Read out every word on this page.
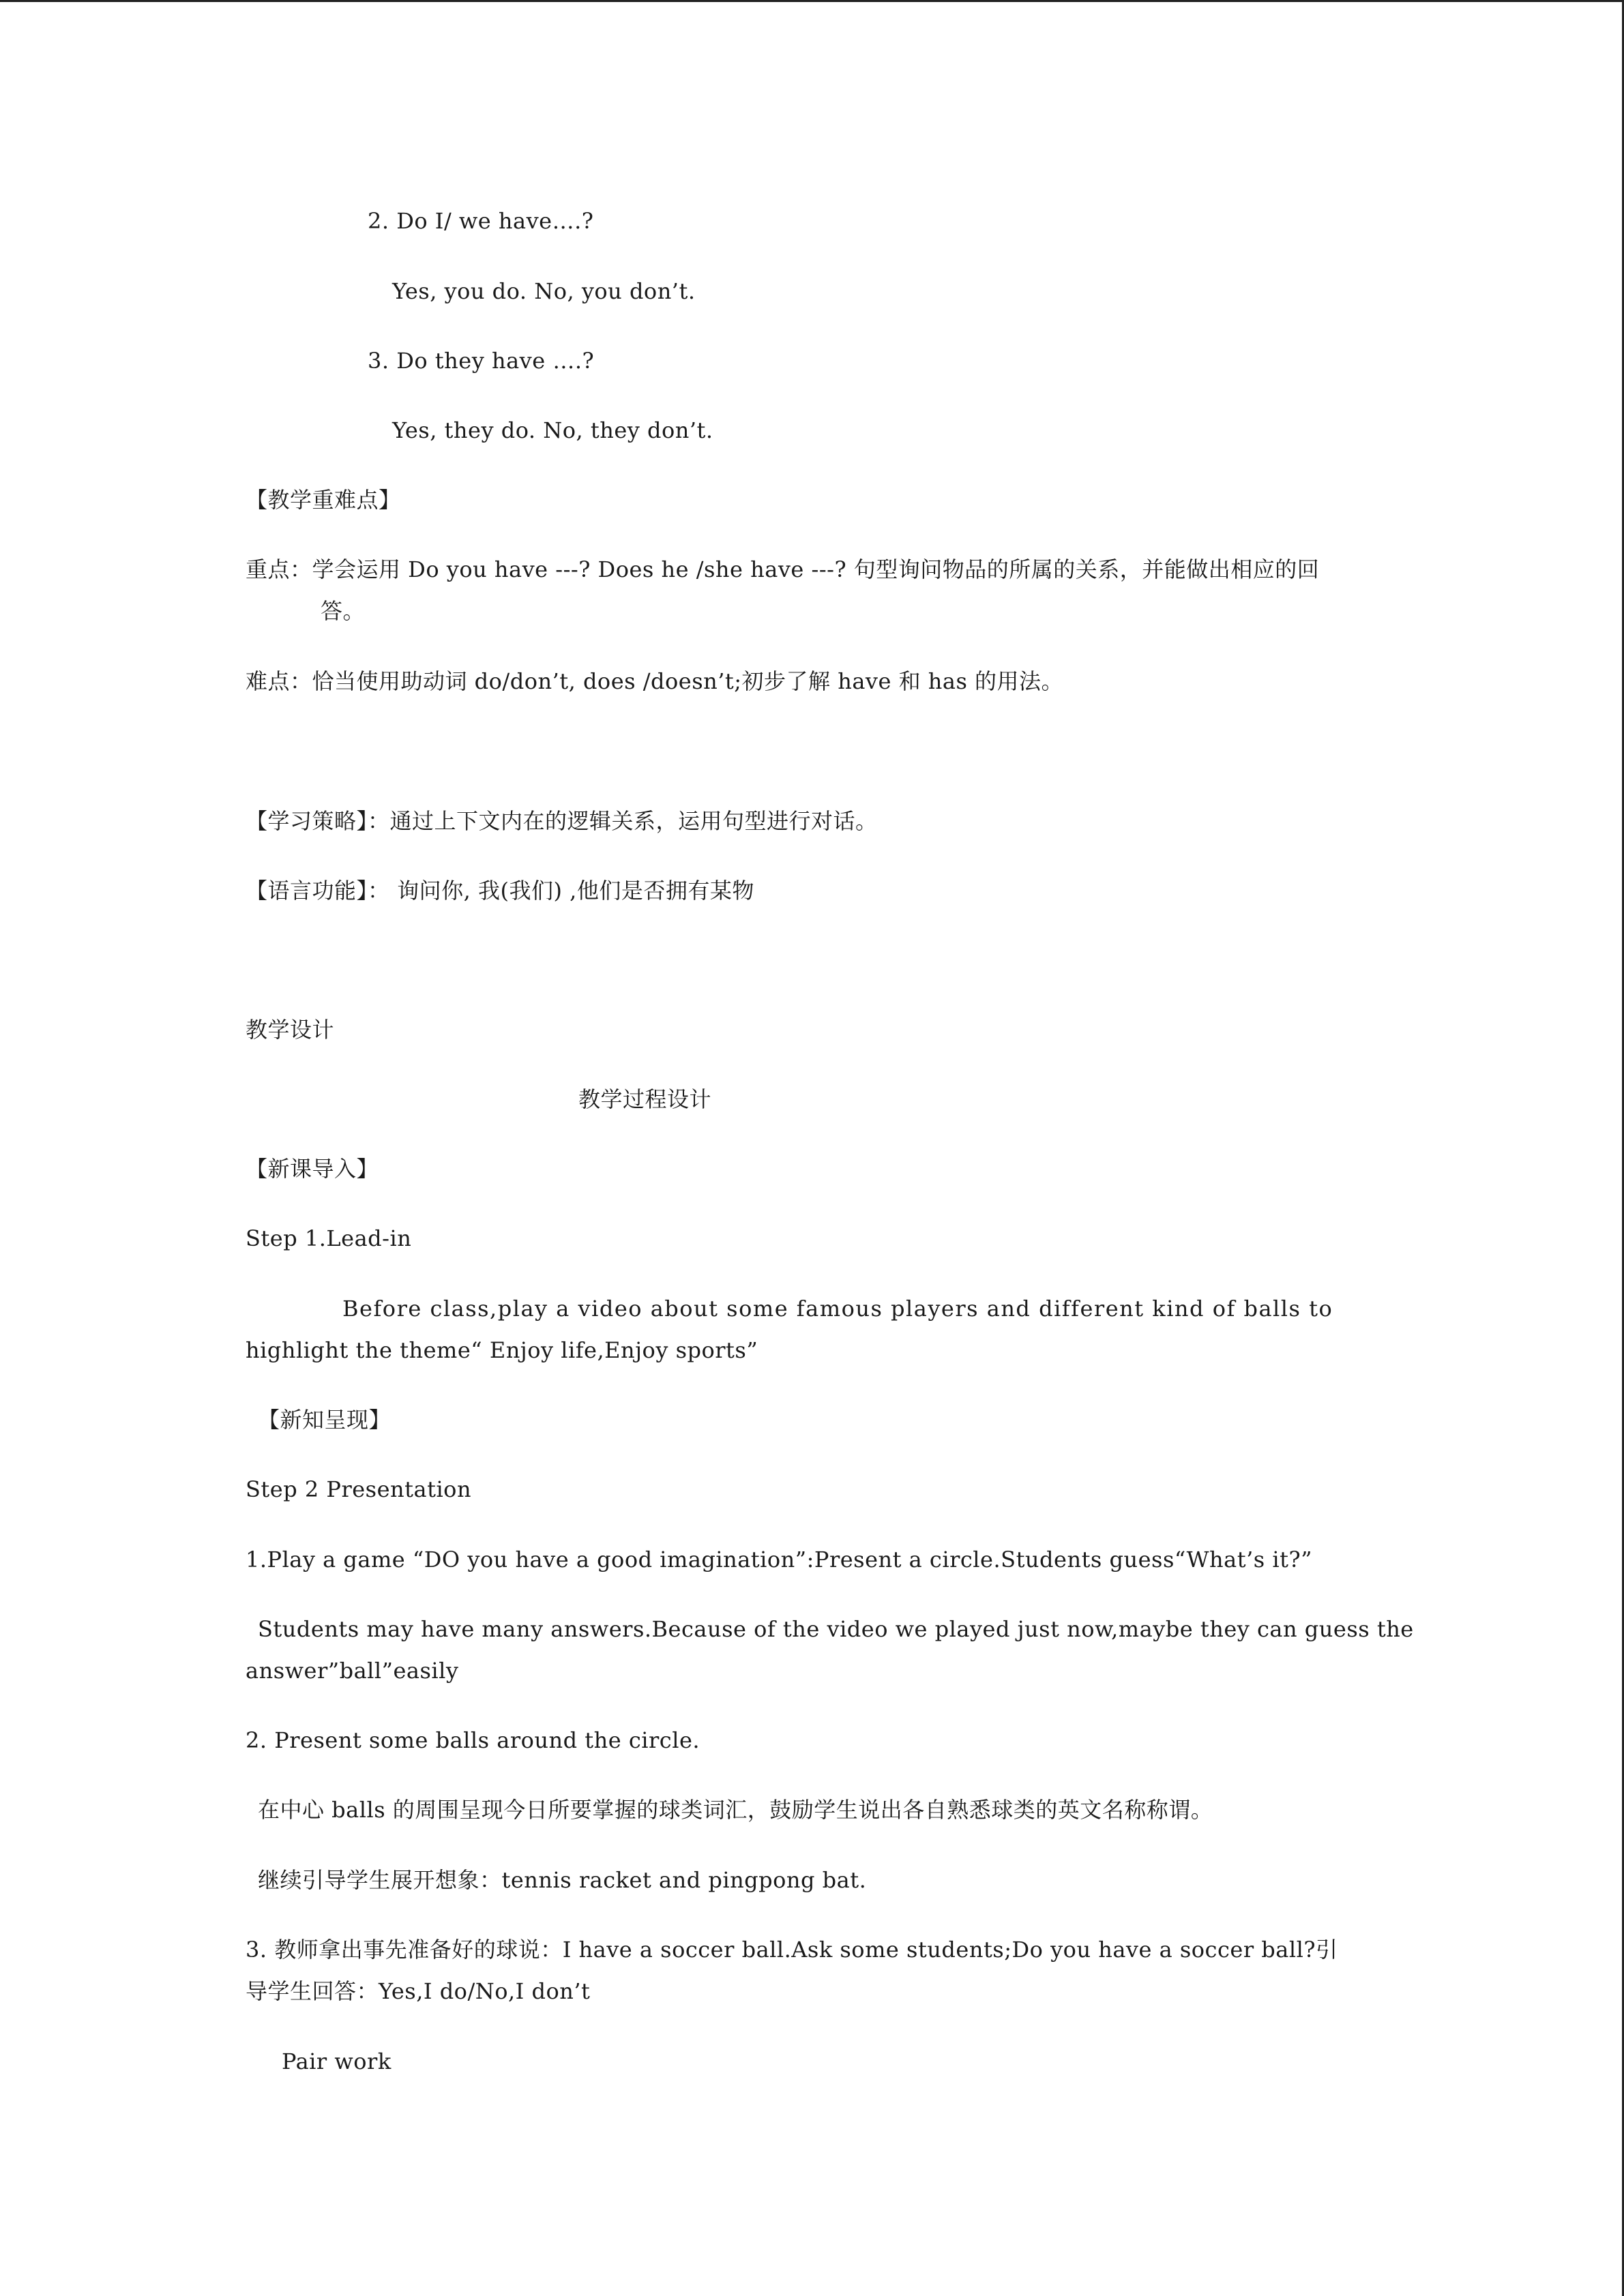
2. Do I/ we have….?
Yes, you do. No, you don’t.
3. Do they have ….?
Yes, they do. No, they don’t.
【教学重难点】
重点：学会运用 Do you have ---? Does he /she have ---? 句型询问物品的所属的关系，并能做出相应的回
答。
难点：恰当使用助动词 do/don’t, does /doesn’t;初步了解 have 和 has 的用法。
【学习策略】：通过上下文内在的逻辑关系，运用句型进行对话。
【语言功能】： 询问你, 我(我们) ,他们是否拥有某物
教学设计
教学过程设计
【新课导入】
Step 1.Lead-in
Before class,play a video about some famous players and different kind of balls to
highlight the theme“ Enjoy life,Enjoy sports”
【新知呈现】
Step 2 Presentation
1.Play a game “DO you have a good imagination”:Present a circle.Students guess“What’s it?”
Students may have many answers.Because of the video we played just now,maybe they can guess the
answer”ball”easily
2. Present some balls around the circle.
在中心 balls 的周围呈现今日所要掌握的球类词汇，鼓励学生说出各自熟悉球类的英文名称称谓。
继续引导学生展开想象：tennis racket and pingpong bat.
3. 教师拿出事先准备好的球说：I have a soccer ball.Ask some students;Do you have a soccer ball?引
导学生回答：Yes,I do/No,I don’t
Pair work
